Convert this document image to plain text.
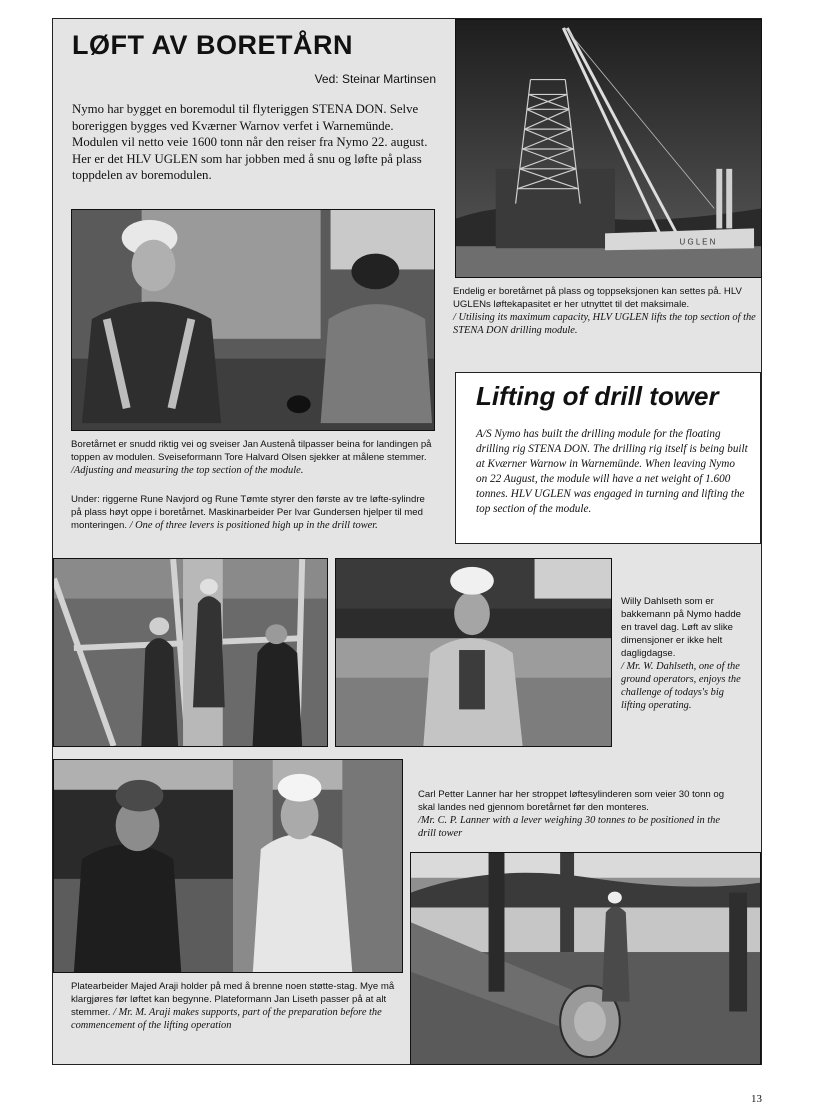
LØFT AV BORETÅRN
Ved: Steinar Martinsen

Nymo har bygget en boremodul til flyteriggen STENA DON. Selve boreriggen bygges ved Kværner Warnov verfet i Warnemünde. Modulen vil netto veie 1600 tonn når den reiser fra Nymo 22. august. Her er det HLV UGLEN som har jobben med å snu og løfte på plass toppdelen av boremodulen.

U G L E N
Endelig er boretårnet på plass og toppseksjonen kan settes på. HLV UGLENs løftekapasitet er her utnyttet til det maksimale.
/ Utilising its maximum capacity, HLV UGLEN lifts the top section of the STENA DON drilling module.
Boretårnet er snudd riktig vei og sveiser Jan Austenå tilpasser beina for landingen på toppen av modulen. Sveiseformann Tore Halvard Olsen sjekker at målene stemmer. /Adjusting and measuring the top section of the module.
Under: riggerne Rune Navjord og Rune Tømte styrer den første av tre løfte-sylindre på plass høyt oppe i boretårnet. Maskinarbeider Per Ivar Gundersen hjelper til med monteringen. / One of three levers is positioned high up in the drill tower.
Lifting of drill tower

A/S Nymo has built the drilling module for the floating drilling rig STENA DON. The drilling rig itself is being built at Kværner Warnow in Warnemünde. When leaving Nymo on 22 August, the module will have a net weight of 1.600 tonnes. HLV UGLEN was engaged in turning and lifting the top section of the module.

Willy Dahlseth som er bakkemann på Nymo hadde en travel dag. Løft av slike dimensjoner er ikke helt dagligdagse.
/ Mr. W. Dahlseth, one of the ground operators, enjoys the challenge of todays's big lifting operating.
Carl Petter Lanner har her stroppet løftesylinderen som veier 30 tonn og skal landes ned gjennom boretårnet før den monteres.
/Mr. C. P. Lanner with a lever weighing 30 tonnes to be positioned in the drill tower
Platearbeider Majed Araji holder på med å brenne noen støtte-stag. Mye må klargjøres før løftet kan begynne. Plateformann Jan Liseth passer på at alt stemmer. / Mr. M. Araji makes supports, part of the preparation before the commencement of the lifting operation
13
